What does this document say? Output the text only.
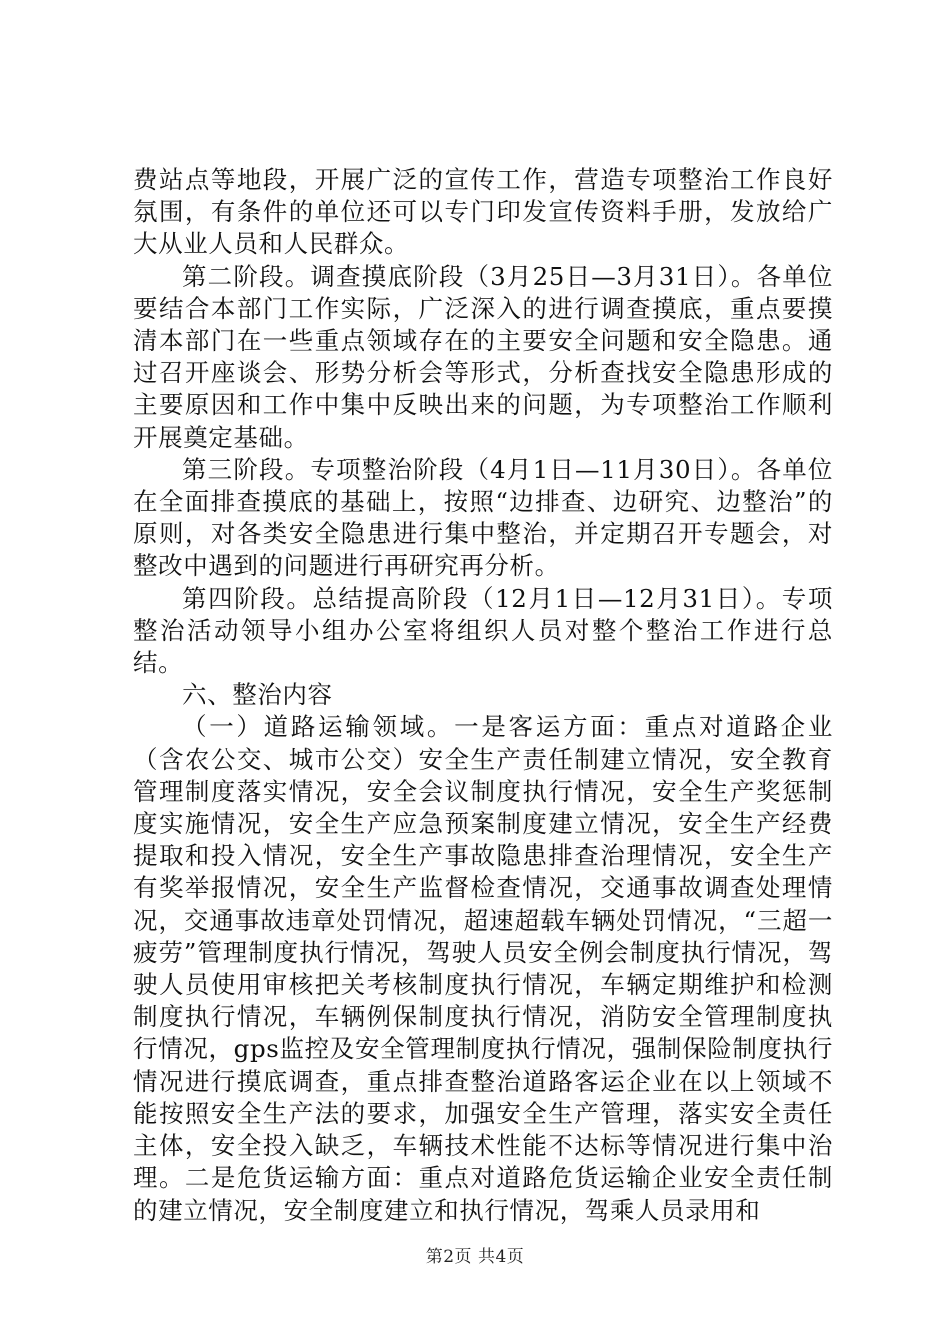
费站点等地段，开展广泛的宣传工作，营造专项整治工作良好氛围，有条件的单位还可以专门印发宣传资料手册，发放给广大从业人员和人民群众。

第二阶段。调查摸底阶段（3月25日—3月31日）。各单位要结合本部门工作实际，广泛深入的进行调查摸底，重点要摸清本部门在一些重点领域存在的主要安全问题和安全隐患。通过召开座谈会、形势分析会等形式，分析查找安全隐患形成的主要原因和工作中集中反映出来的问题，为专项整治工作顺利开展奠定基础。

第三阶段。专项整治阶段（4月1日—11月30日）。各单位在全面排查摸底的基础上，按照“边排查、边研究、边整治”的原则，对各类安全隐患进行集中整治，并定期召开专题会，对整改中遇到的问题进行再研究再分析。

第四阶段。总结提高阶段（12月1日—12月31日）。专项整治活动领导小组办公室将组织人员对整个整治工作进行总结。

六、整治内容

（一）道路运输领域。一是客运方面：重点对道路企业（含农公交、城市公交）安全生产责任制建立情况，安全教育管理制度落实情况，安全会议制度执行情况，安全生产奖惩制度实施情况，安全生产应急预案制度建立情况，安全生产经费提取和投入情况，安全生产事故隐患排查治理情况，安全生产有奖举报情况，安全生产监督检查情况，交通事故调查处理情况，交通事故违章处罚情况，超速超载车辆处罚情况，“三超一疲劳”管理制度执行情况，驾驶人员安全例会制度执行情况，驾驶人员使用审核把关考核制度执行情况，车辆定期维护和检测制度执行情况，车辆例保制度执行情况，消防安全管理制度执行情况，gps监控及安全管理制度执行情况，强制保险制度执行情况进行摸底调查，重点排查整治道路客运企业在以上领域不能按照安全生产法的要求，加强安全生产管理，落实安全责任主体，安全投入缺乏，车辆技术性能不达标等情况进行集中治理。二是危货运输方面：重点对道路危货运输企业安全责任制的建立情况，安全制度建立和执行情况，驾乘人员录用和

第2页 共4页
